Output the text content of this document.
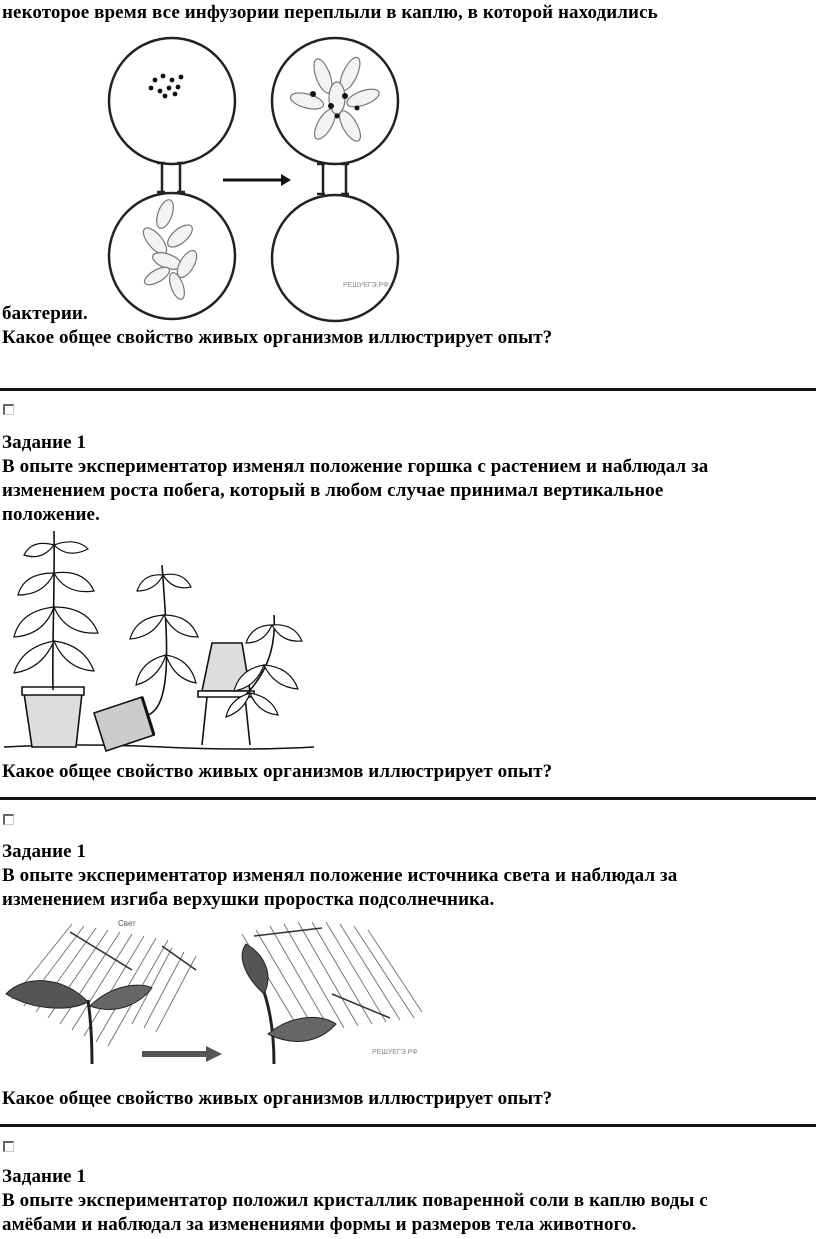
некоторое время все инфузории переплыли в каплю, в которой находились
РЕШУЕГЭ.РФ
бактерии.
Какое общее свойство живых организмов иллюстрирует опыт?
Задание 1
В опыте экспериментатор изменял положение горшка с растением и наблюдал за
изменением роста побега, который в любом случае принимал вертикальное
положение.
Какое общее свойство живых организмов иллюстрирует опыт?
Задание 1
В опыте экспериментатор изменял положение источника света и наблюдал за
изменением изгиба верхушки проростка подсолнечника.
Свет
РЕШУЕГЭ.РФ
Какое общее свойство живых организмов иллюстрирует опыт?
Задание 1
В опыте экспериментатор положил кристаллик поваренной соли в каплю воды с
амёбами и наблюдал за изменениями формы и размеров тела животного.
